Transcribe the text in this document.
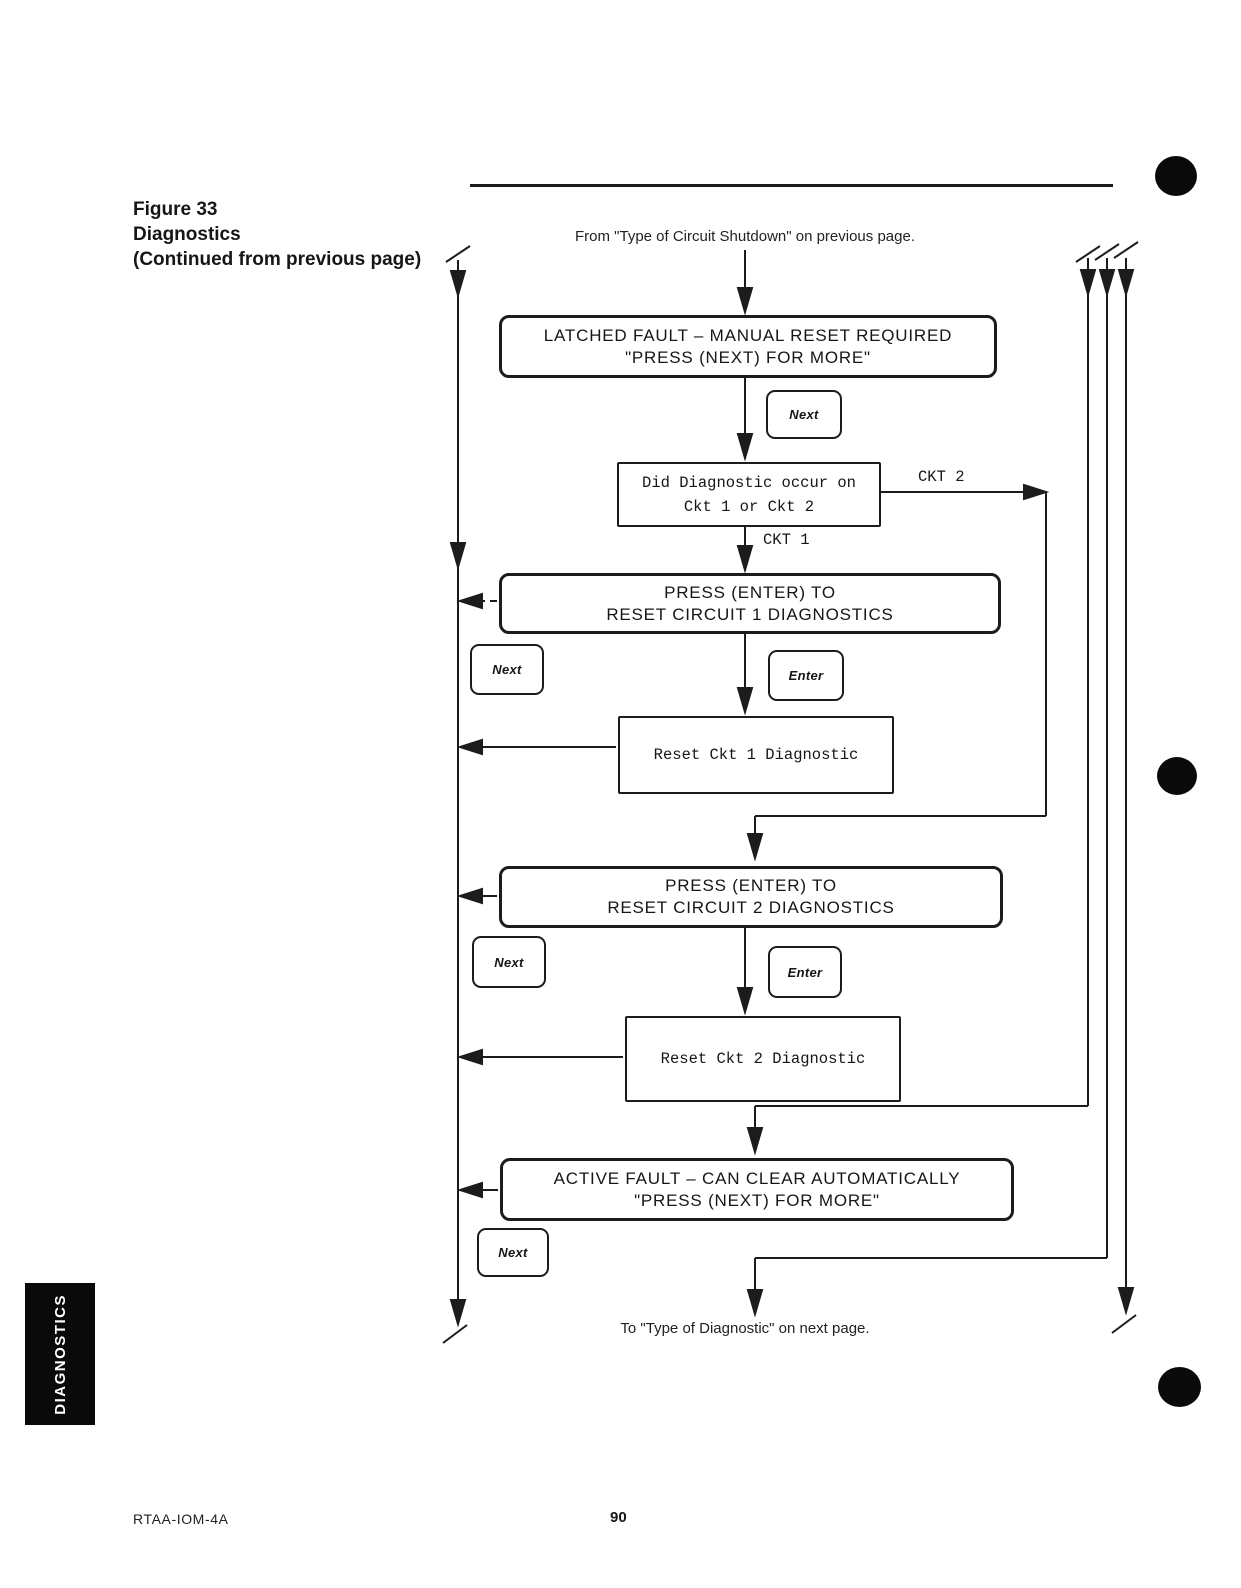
Figure 33
Diagnostics
(Continued from previous page)
From "Type of Circuit Shutdown" on previous page.
To "Type of Diagnostic" on next page.
LATCHED FAULT – MANUAL RESET REQUIRED
"PRESS (NEXT) FOR MORE"
Did Diagnostic occur on
Ckt 1 or Ckt 2
PRESS (ENTER) TO
RESET CIRCUIT 1 DIAGNOSTICS
Reset Ckt 1 Diagnostic
PRESS (ENTER) TO
RESET CIRCUIT 2 DIAGNOSTICS
Reset Ckt 2 Diagnostic
ACTIVE FAULT – CAN CLEAR AUTOMATICALLY
"PRESS (NEXT) FOR MORE"
CKT 2
CKT 1
Next
Next	Enter
Next
Enter
Next
DIAGNOSTICS
RTAA-IOM-4A	90
